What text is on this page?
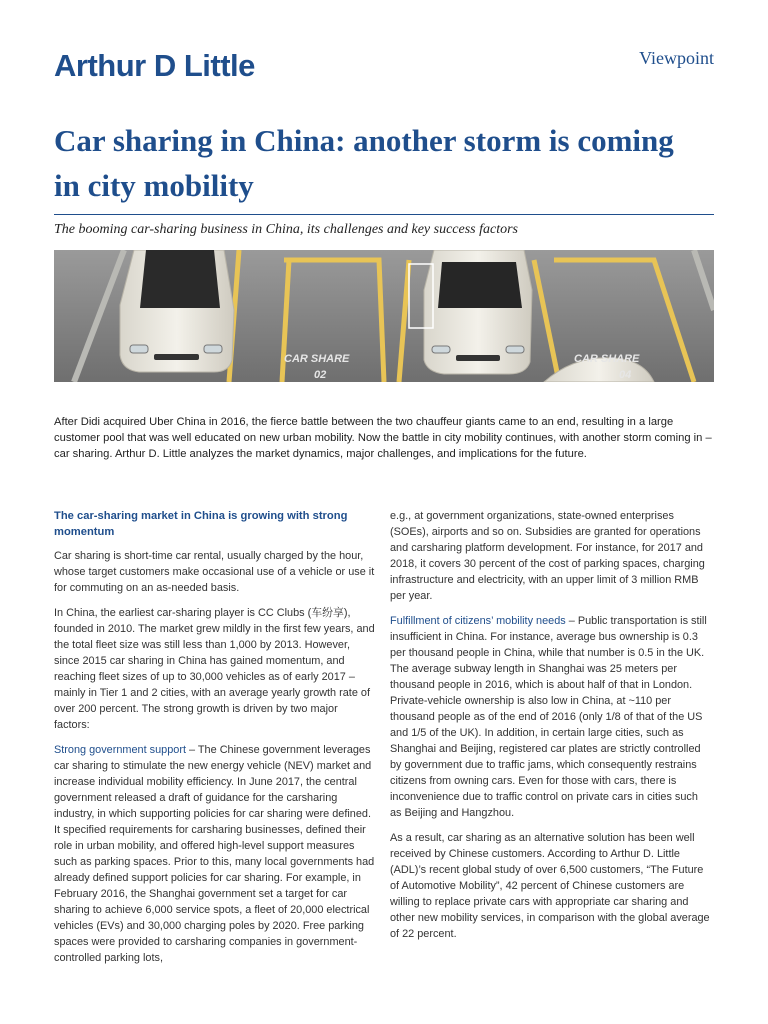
Arthur D Little	Viewpoint
Car sharing in China: another storm is coming in city mobility
The booming car-sharing business in China, its challenges and key success factors
CAR SHARE
02
CAR SHARE
04

After Didi acquired Uber China in 2016, the fierce battle between the two chauffeur giants came to an end, resulting in a large customer pool that was well educated on new urban mobility. Now the battle in city mobility continues, with another storm coming in – car sharing. Arthur D. Little analyzes the market dynamics, major challenges, and implications for the future.

The car-sharing market in China is growing with strong momentum

Car sharing is short-time car rental, usually charged by the hour, whose target customers make occasional use of a vehicle or use it for commuting on an as-needed basis.

In China, the earliest car-sharing player is CC Clubs (车纷享), founded in 2010. The market grew mildly in the first few years, and the total fleet size was still less than 1,000 by 2013. However, since 2015 car sharing in China has gained momentum, and reaching fleet sizes of up to 30,000 vehicles as of early 2017 – mainly in Tier 1 and 2 cities, with an average yearly growth rate of over 200 percent. The strong growth is driven by two major factors:

Strong government support – The Chinese government leverages car sharing to stimulate the new energy vehicle (NEV) market and increase individual mobility efficiency. In June 2017, the central government released a draft of guidance for the carsharing industry, in which supporting policies for car sharing were defined. It specified requirements for carsharing businesses, defined their role in urban mobility, and offered high-level support measures such as parking spaces. Prior to this, many local governments had already defined support policies for car sharing. For example, in February 2016, the Shanghai government set a target for car sharing to achieve 6,000 service spots, a fleet of 20,000 electrical vehicles (EVs) and 30,000 charging poles by 2020. Free parking spaces were provided to carsharing companies in government-controlled parking lots,

e.g., at government organizations, state-owned enterprises (SOEs), airports and so on. Subsidies are granted for operations and carsharing platform development. For instance, for 2017 and 2018, it covers 30 percent of the cost of parking spaces, charging infrastructure and electricity, with an upper limit of 3 million RMB per year.

Fulfillment of citizens’ mobility needs – Public transportation is still insufficient in China. For instance, average bus ownership is 0.3 per thousand people in China, while that number is 0.5 in the UK. The average subway length in Shanghai was 25 meters per thousand people in 2016, which is about half of that in London. Private-vehicle ownership is also low in China, at ~110 per thousand people as of the end of 2016 (only 1/8 of that of the US and 1/5 of the UK). In addition, in certain large cities, such as Shanghai and Beijing, registered car plates are strictly controlled by government due to traffic jams, which consequently restrains citizens from owning cars. Even for those with cars, there is inconvenience due to traffic control on private cars in cities such as Beijing and Hangzhou.

As a result, car sharing as an alternative solution has been well received by Chinese customers. According to Arthur D. Little (ADL)’s recent global study of over 6,500 customers, “The Future of Automotive Mobility”, 42 percent of Chinese customers are willing to replace private cars with appropriate car sharing and other new mobility services, in comparison with the global average of 22 percent.
